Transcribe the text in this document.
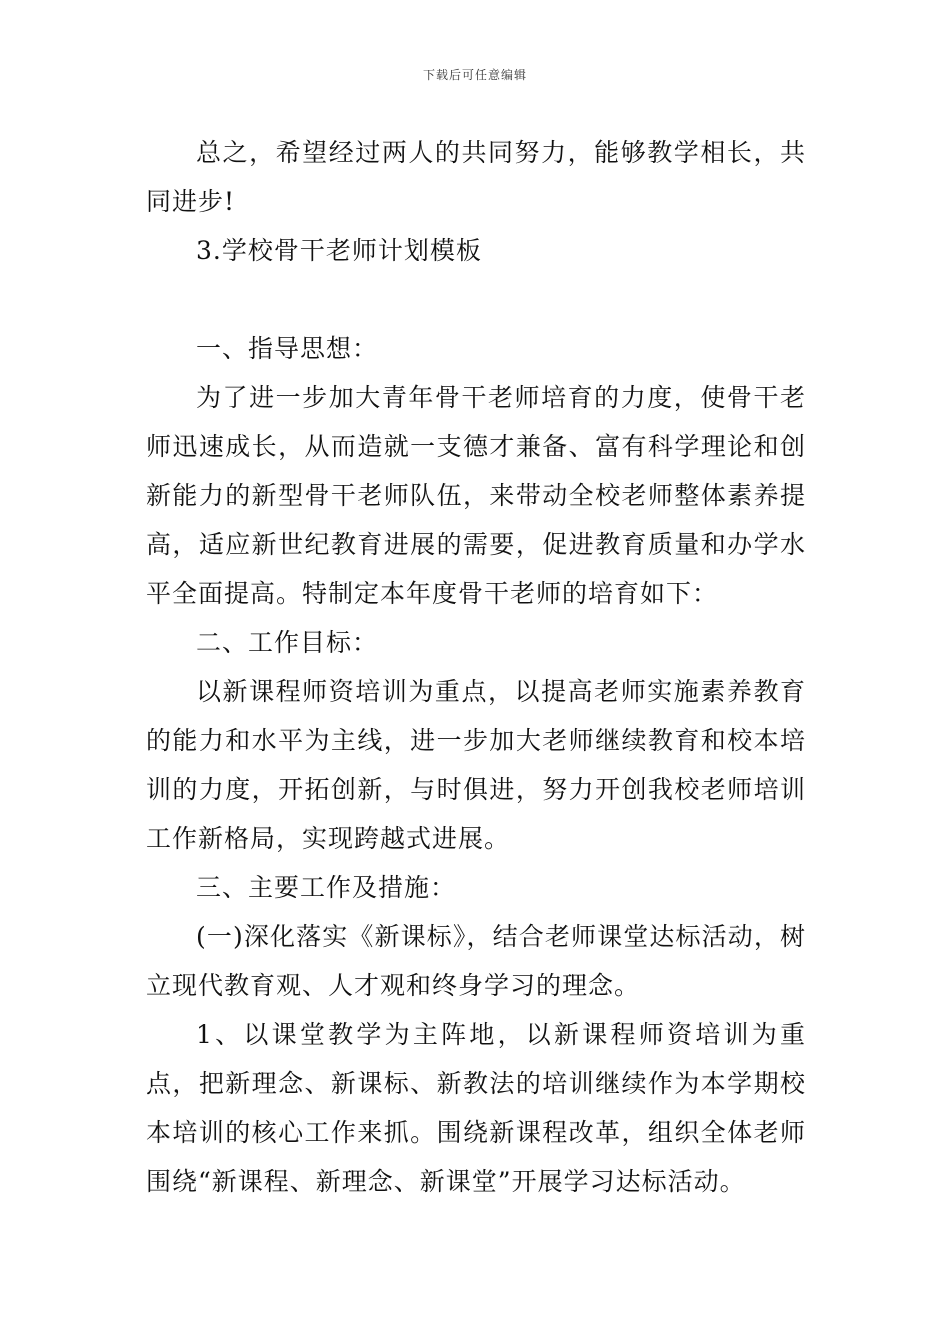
下载后可任意编辑

总之，希望经过两人的共同努力，能够教学相长，共同进步!

3.学校骨干老师计划模板

一、指导思想：

为了进一步加大青年骨干老师培育的力度，使骨干老师迅速成长，从而造就一支德才兼备、富有科学理论和创新能力的新型骨干老师队伍，来带动全校老师整体素养提高，适应新世纪教育进展的需要，促进教育质量和办学水平全面提高。特制定本年度骨干老师的培育如下：

二、工作目标：

以新课程师资培训为重点，以提高老师实施素养教育的能力和水平为主线，进一步加大老师继续教育和校本培训的力度，开拓创新，与时俱进，努力开创我校老师培训工作新格局，实现跨越式进展。

三、主要工作及措施：

(一)深化落实《新课标》，结合老师课堂达标活动，树立现代教育观、人才观和终身学习的理念。

1、以课堂教学为主阵地，以新课程师资培训为重点，把新理念、新课标、新教法的培训继续作为本学期校本培训的核心工作来抓。围绕新课程改革，组织全体老师围绕“新课程、新理念、新课堂”开展学习达标活动。
